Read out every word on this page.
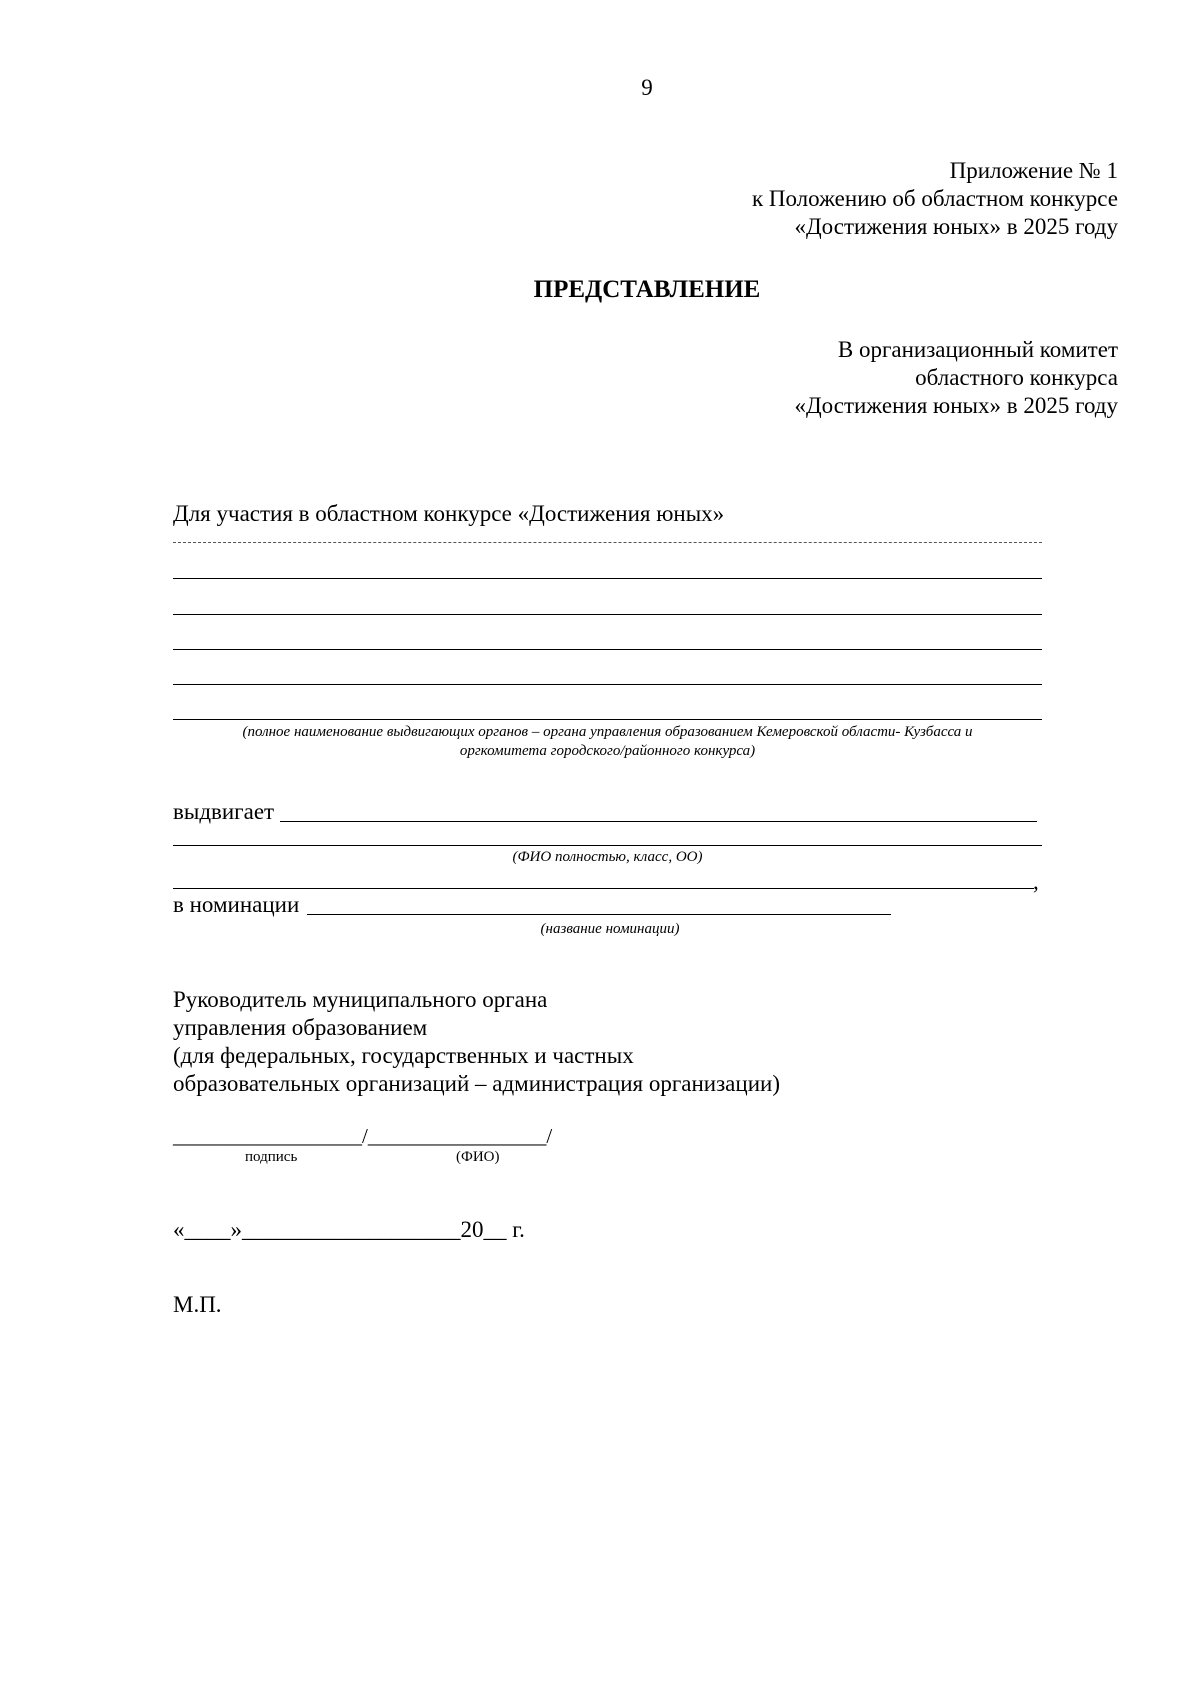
9
Приложение № 1
к Положению об областном конкурсе
«Достижения юных» в 2025 году
ПРЕДСТАВЛЕНИЕ
В организационный комитет
областного конкурса
«Достижения юных» в 2025 году
Для участия в областном конкурсе «Достижения юных»
(полное наименование выдвигающих органов – органа управления образованием Кемеровской области- Кузбасса и
оргкомитета городского/районного конкурса)
выдвигает
(ФИО полностью, класс, ОО)
,
в номинации
(название номинации)
Руководитель муниципального органа
управления образованием
(для федеральных, государственных и частных
образовательных организаций – администрация организации)
__________________/_________________/
подпись	(ФИО)
«____»___________________20__ г.
М.П.
